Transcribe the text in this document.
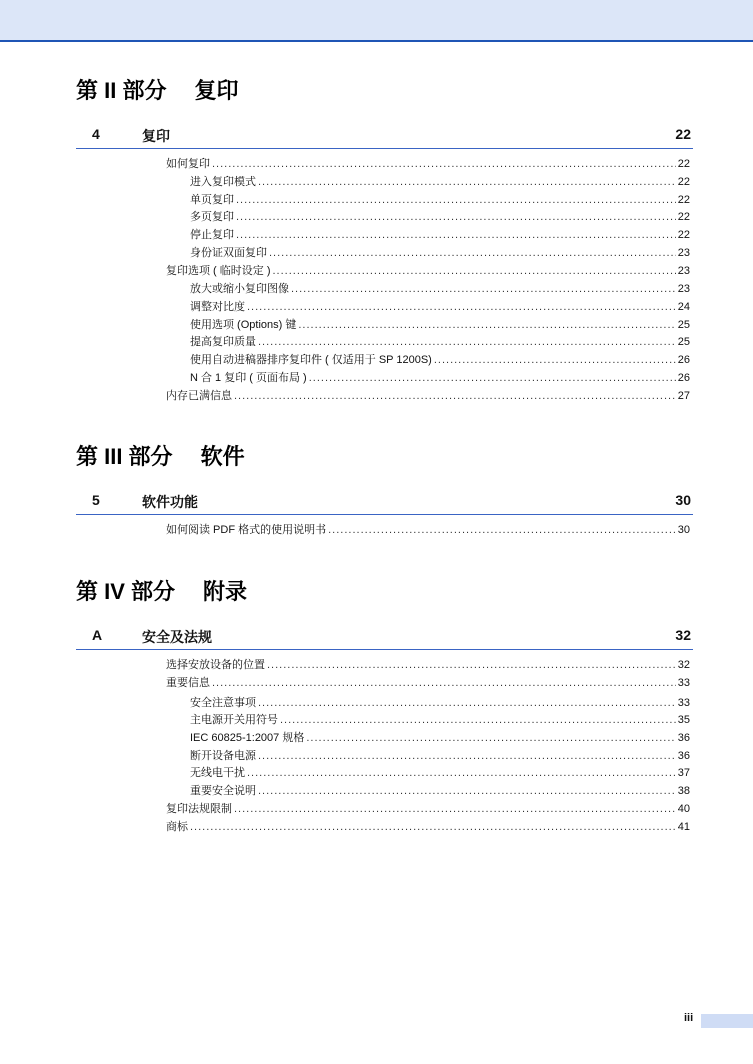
第 II 部分 复印
4	复印	22
如何复印 .....	22
进入复印模式 .....	22
单页复印 .....	22
多页复印 .....	22
停止复印 .....	22
身份证双面复印 .....	23
复印选项 ( 临时设定 ) .....	23
放大或缩小复印图像 .....	23
调整对比度 .....	24
使用选项 (Options) 键 .....	25
提高复印质量 .....	25
使用自动进稿器排序复印件 ( 仅适用于 SP 1200S) .....	26
N 合 1 复印 ( 页面布局 ) .....	26
内存已满信息 .....	27
第 III 部分 软件
5	软件功能	30
如何阅读 PDF 格式的使用说明书 .....	30
第 IV 部分 附录
A	安全及法规	32
选择安放设备的位置 .....	32
重要信息 .....	33
安全注意事项 .....	33
主电源开关用符号 .....	35
IEC 60825-1:2007 规格 .....	36
断开设备电源 .....	36
无线电干扰 .....	37
重要安全说明 .....	38
复印法规限制 .....	40
商标 .....	41
iii
